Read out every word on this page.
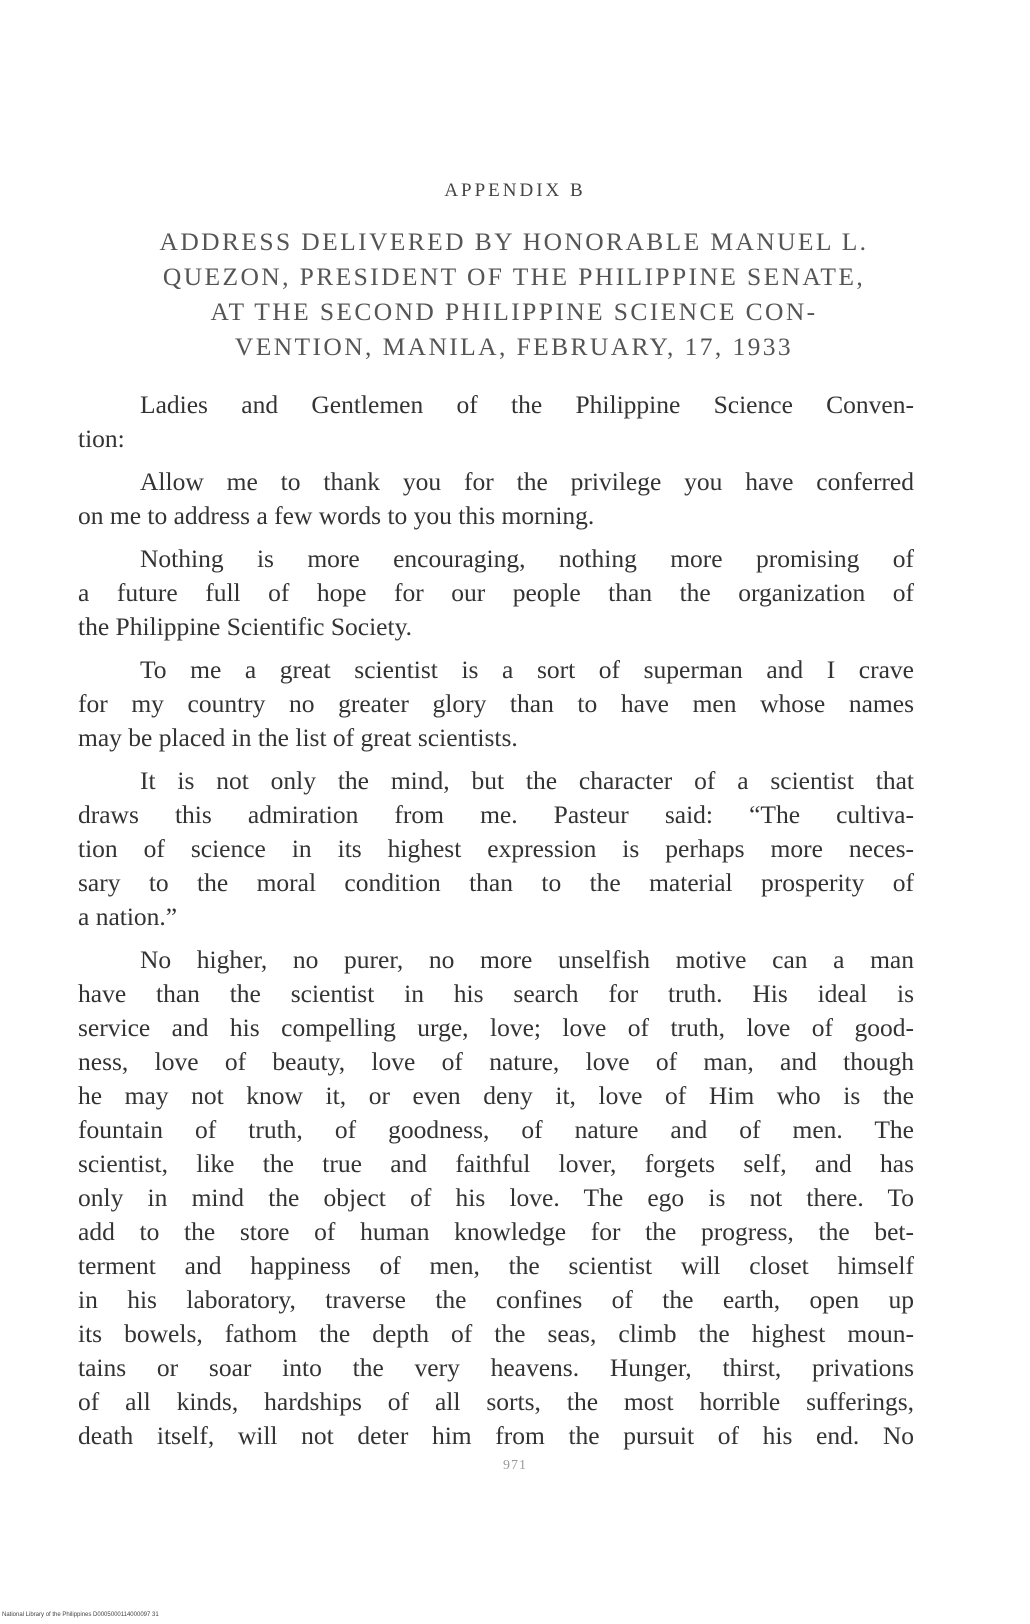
APPENDIX B
ADDRESS DELIVERED BY HONORABLE MANUEL L.
QUEZON, PRESIDENT OF THE PHILIPPINE SENATE,
AT THE SECOND PHILIPPINE SCIENCE CON-
VENTION, MANILA, FEBRUARY, 17, 1933
Ladies and Gentlemen of the Philippine Science Conven-
tion:
Allow me to thank you for the privilege you have conferred
on me to address a few words to you this morning.
Nothing is more encouraging, nothing more promising of
a future full of hope for our people than the organization of
the Philippine Scientific Society.
To me a great scientist is a sort of superman and I crave
for my country no greater glory than to have men whose names
may be placed in the list of great scientists.
It is not only the mind, but the character of a scientist that
draws this admiration from me. Pasteur said: “The cultiva-
tion of science in its highest expression is perhaps more neces-
sary to the moral condition than to the material prosperity of
a nation.”
No higher, no purer, no more unselfish motive can a man
have than the scientist in his search for truth. His ideal is
service and his compelling urge, love; love of truth, love of good-
ness, love of beauty, love of nature, love of man, and though
he may not know it, or even deny it, love of Him who is the
fountain of truth, of goodness, of nature and of men. The
scientist, like the true and faithful lover, forgets self, and has
only in mind the object of his love. The ego is not there. To
add to the store of human knowledge for the progress, the bet-
terment and happiness of men, the scientist will closet himself
in his laboratory, traverse the confines of the earth, open up
its bowels, fathom the depth of the seas, climb the highest moun-
tains or soar into the very heavens. Hunger, thirst, privations
of all kinds, hardships of all sorts, the most horrible sufferings,
death itself, will not deter him from the pursuit of his end. No
971
National Library of the Philippines D0005000114000097 31
